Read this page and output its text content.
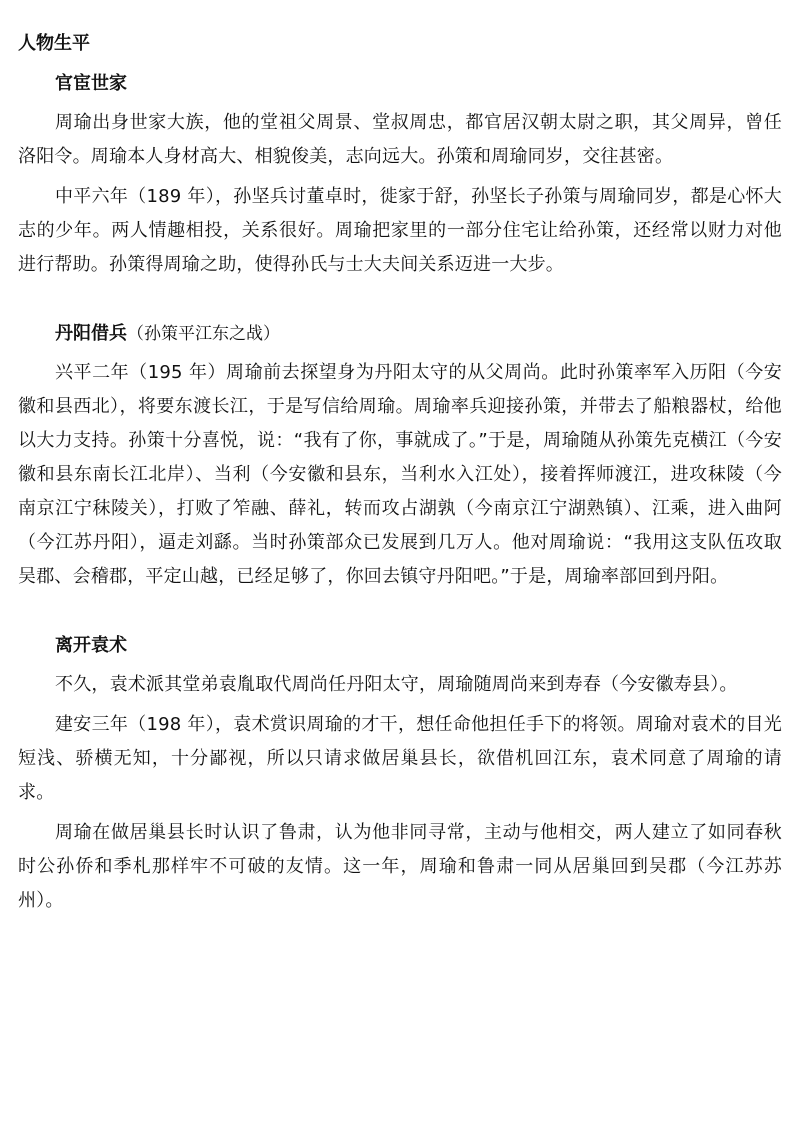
人物生平
官宦世家

周瑜出身世家大族，他的堂祖父周景、堂叔周忠，都官居汉朝太尉之职，其父周异，曾任洛阳令。周瑜本人身材高大、相貌俊美，志向远大。孙策和周瑜同岁，交往甚密。

中平六年（189 年），孙坚兵讨董卓时，徙家于舒，孙坚长子孙策与周瑜同岁，都是心怀大志的少年。两人情趣相投，关系很好。周瑜把家里的一部分住宅让给孙策，还经常以财力对他进行帮助。孙策得周瑜之助，使得孙氏与士大夫间关系迈进一大步。

丹阳借兵（孙策平江东之战）

兴平二年（195 年）周瑜前去探望身为丹阳太守的从父周尚。此时孙策率军入历阳（今安徽和县西北），将要东渡长江，于是写信给周瑜。周瑜率兵迎接孙策，并带去了船粮器杖，给他以大力支持。孙策十分喜悦，说：“我有了你，事就成了。”于是，周瑜随从孙策先克横江（今安徽和县东南长江北岸）、当利（今安徽和县东，当利水入江处），接着挥师渡江，进攻秣陵（今南京江宁秣陵关），打败了笮融、薛礼，转而攻占湖孰（今南京江宁湖熟镇）、江乘，进入曲阿（今江苏丹阳），逼走刘繇。当时孙策部众已发展到几万人。他对周瑜说：“我用这支队伍攻取吴郡、会稽郡，平定山越，已经足够了，你回去镇守丹阳吧。”于是，周瑜率部回到丹阳。

离开袁术

不久，袁术派其堂弟袁胤取代周尚任丹阳太守，周瑜随周尚来到寿春（今安徽寿县）。

建安三年（198 年），袁术赏识周瑜的才干，想任命他担任手下的将领。周瑜对袁术的目光短浅、骄横无知，十分鄙视，所以只请求做居巢县长，欲借机回江东，袁术同意了周瑜的请求。

周瑜在做居巢县长时认识了鲁肃，认为他非同寻常，主动与他相交，两人建立了如同春秋时公孙侨和季札那样牢不可破的友情。这一年，周瑜和鲁肃一同从居巢回到吴郡（今江苏苏州）。
